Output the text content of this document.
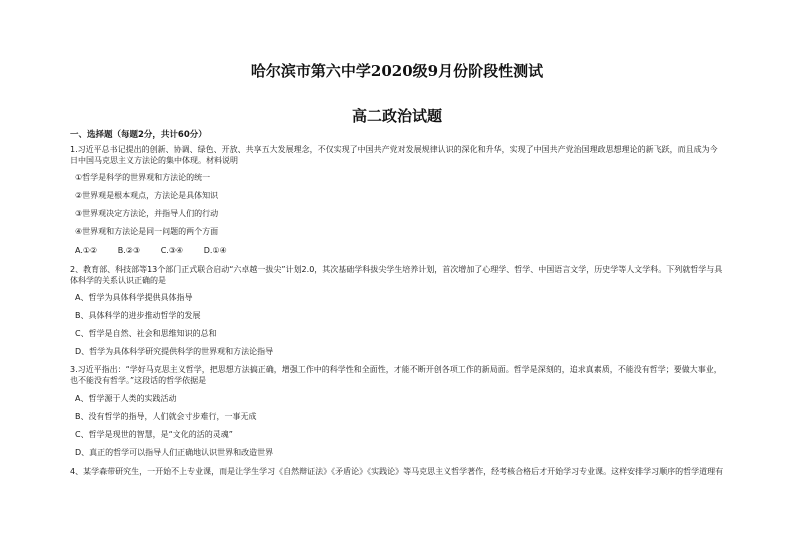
哈尔滨市第六中学2020级9月份阶段性测试
高二政治试题
一、选择题（每题2分，共计60分）
1.习近平总书记提出的创新、协调、绿色、开放、共享五大发展理念，不仅实现了中国共产党对发展规律认识的深化和升华，实现了中国共产党治国理政思想理论的新飞跃，而且成为今日中国马克思主义方法论的集中体现。材料说明
①哲学是科学的世界观和方法论的统一
②世界观是根本观点，方法论是具体知识
③世界观决定方法论，并指导人们的行动
④世界观和方法论是同一问题的两个方面
A.①②	B.②③	C.③④	D.①④
2、教育部、科技部等13个部门正式联合启动“六卓越一拔尖”计划2.0，其次基础学科拔尖学生培养计划，首次增加了心理学、哲学、中国语言文学，历史学等人文学科。下列就哲学与具体科学的关系认识正确的是
A、哲学为具体科学提供具体指导
B、具体科学的进步推动哲学的发展
C、哲学是自然、社会和思维知识的总和
D、哲学为具体科学研究提供科学的世界观和方法论指导
3.习近平指出：“学好马克思主义哲学，把思想方法搞正确，增强工作中的科学性和全面性，才能不断开创各项工作的新局面。哲学是深刻的，追求真素质，不能没有哲学；要做大事业，也不能没有哲学。”这段话的哲学依据是
A、哲学源于人类的实践活动
B、没有哲学的指导，人们就会寸步难行，一事无成
C、哲学是现世的智慧，是“文化的活的灵魂”
D、真正的哲学可以指导人们正确地认识世界和改造世界
4、某学森带研究生，一开始不上专业课，而是让学生学习《自然辩证法》《矛盾论》《实践论》等马克思主义哲学著作，经考核合格后才开始学习专业课。这样安排学习顺序的哲学道理有
